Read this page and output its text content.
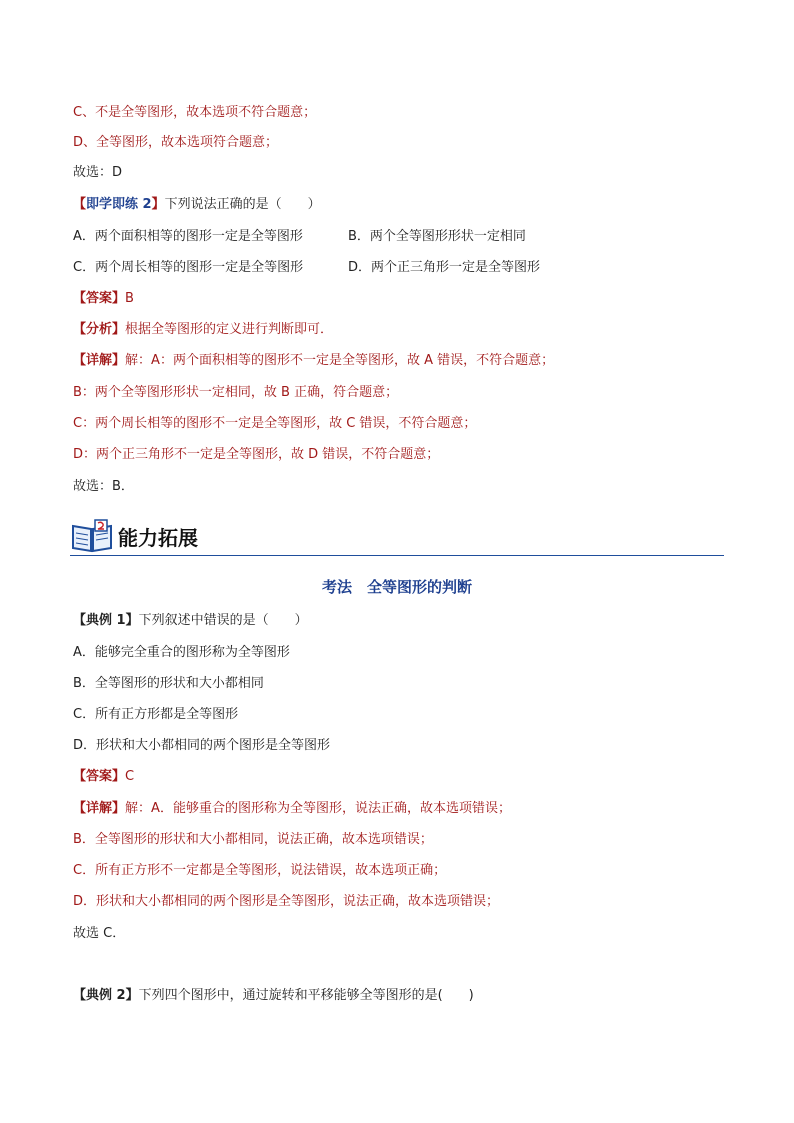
C、不是全等图形，故本选项不符合题意；
D、全等图形，故本选项符合题意；
故选：D
【即学即练 2】下列说法正确的是（　　）
A．两个面积相等的图形一定是全等图形	B．两个全等图形形状一定相同
C．两个周长相等的图形一定是全等图形	D．两个正三角形一定是全等图形
【答案】B
【分析】根据全等图形的定义进行判断即可．
【详解】解：A：两个面积相等的图形不一定是全等图形，故 A 错误，不符合题意；
B：两个全等图形形状一定相同，故 B 正确，符合题意；
C：两个周长相等的图形不一定是全等图形，故 C 错误，不符合题意；
D：两个正三角形不一定是全等图形，故 D 错误，不符合题意；
故选：B．
能力拓展
考法　全等图形的判断
【典例 1】下列叙述中错误的是（　　）
A．能够完全重合的图形称为全等图形
B．全等图形的形状和大小都相同
C．所有正方形都是全等图形
D．形状和大小都相同的两个图形是全等图形
【答案】C
【详解】解：A．能够重合的图形称为全等图形，说法正确，故本选项错误；
B．全等图形的形状和大小都相同，说法正确，故本选项错误；
C．所有正方形不一定都是全等图形，说法错误，故本选项正确；
D．形状和大小都相同的两个图形是全等图形，说法正确，故本选项错误；
故选 C．
【典例 2】下列四个图形中，通过旋转和平移能够全等图形的是(　　)
